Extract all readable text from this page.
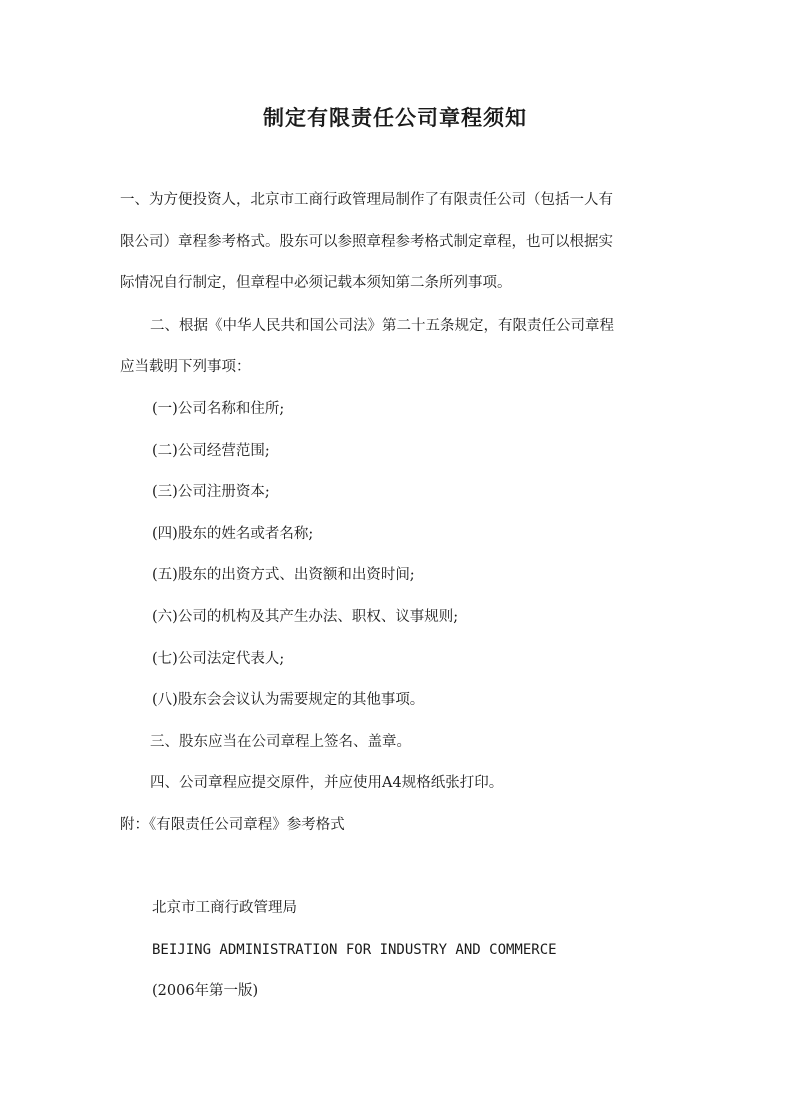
制定有限责任公司章程须知
一、为方便投资人，北京市工商行政管理局制作了有限责任公司（包括一人有
限公司）章程参考格式。股东可以参照章程参考格式制定章程，也可以根据实
际情况自行制定，但章程中必须记载本须知第二条所列事项。
二、根据《中华人民共和国公司法》第二十五条规定，有限责任公司章程
应当载明下列事项：
(一)公司名称和住所;
(二)公司经营范围;
(三)公司注册资本;
(四)股东的姓名或者名称;
(五)股东的出资方式、出资额和出资时间;
(六)公司的机构及其产生办法、职权、议事规则;
(七)公司法定代表人;
(八)股东会会议认为需要规定的其他事项。
三、股东应当在公司章程上签名、盖章。
四、公司章程应提交原件，并应使用A4规格纸张打印。
附：《有限责任公司章程》参考格式
北京市工商行政管理局
BEIJING ADMINISTRATION FOR INDUSTRY AND COMMERCE
(2006年第一版)
